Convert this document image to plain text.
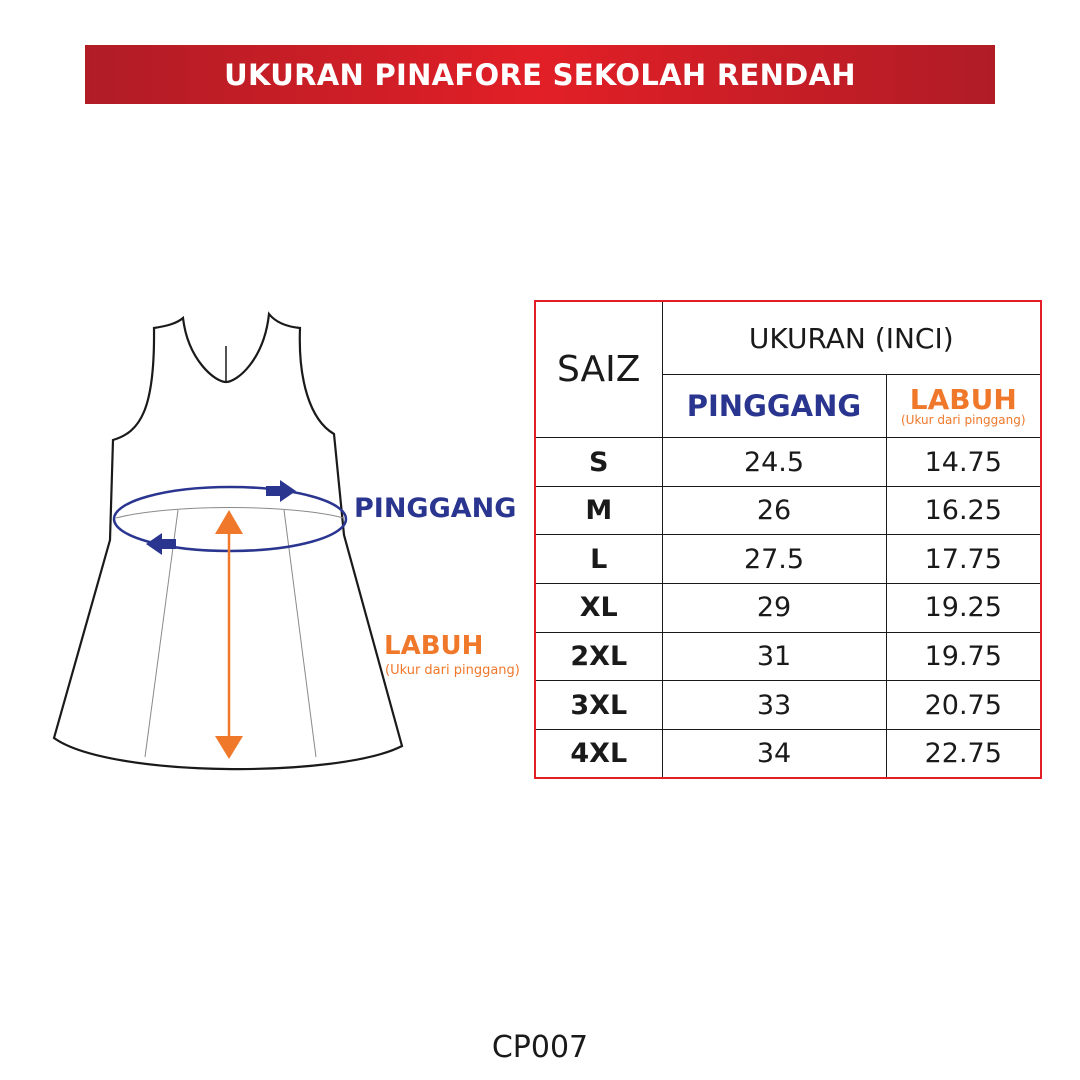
UKURAN PINAFORE SEKOLAH RENDAH
PINGGANG
LABUH
(Ukur dari pinggang)
SAIZ	UKURAN (INCI)	
	PINGGANG	LABUH
(Ukur dari pinggang)

S	24.5	14.75
M	26	16.25
L	27.5	17.75
XL	29	19.25
2XL	31	19.75
3XL	33	20.75
4XL	34	22.75
CP007
